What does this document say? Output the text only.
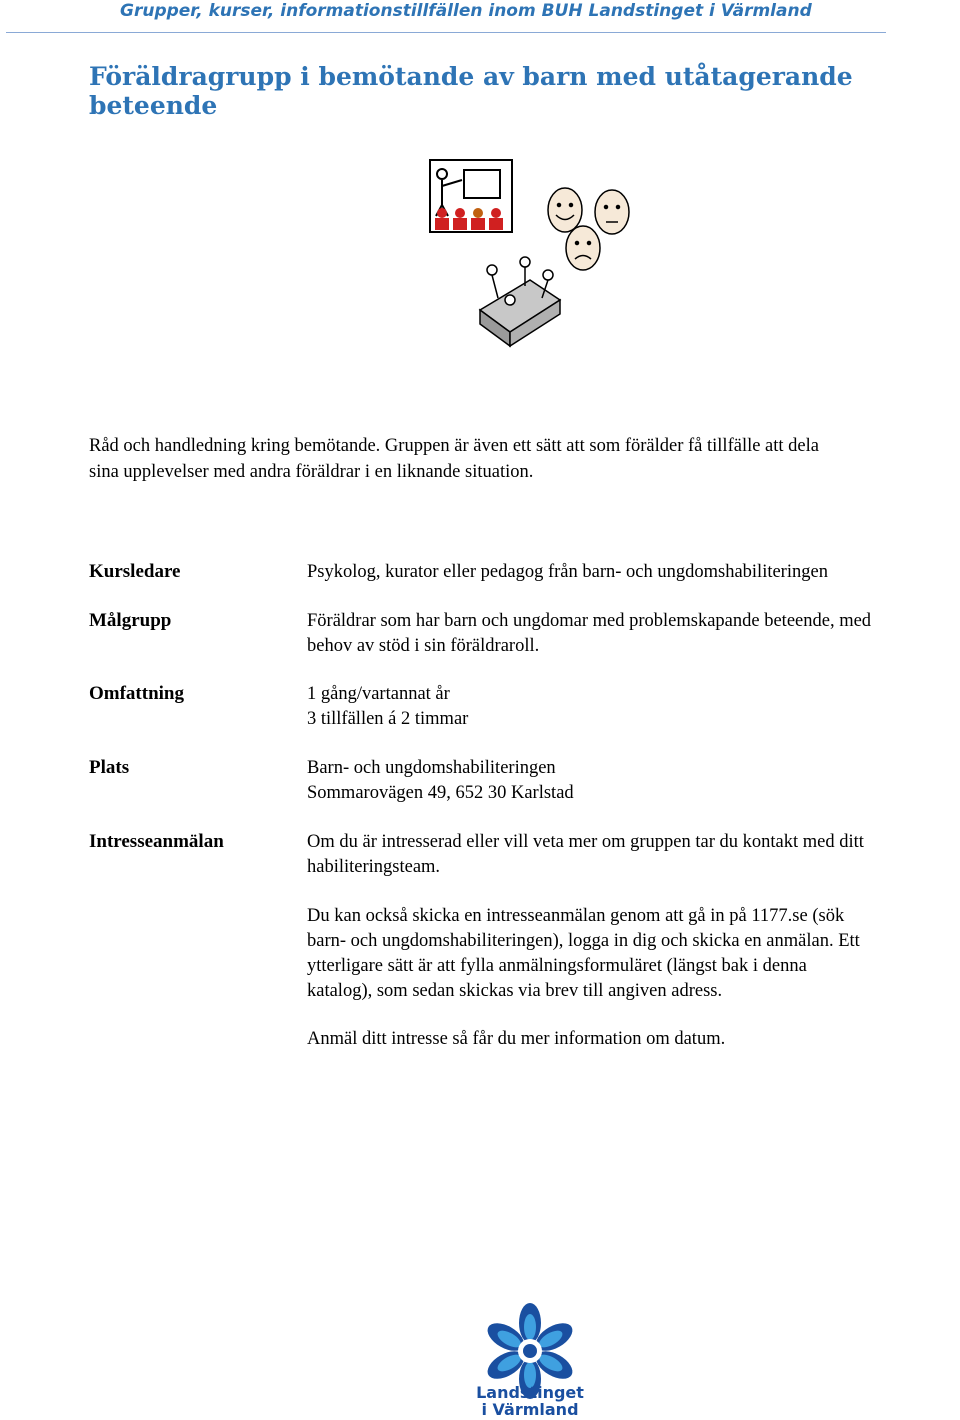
Grupper, kurser, informationstillfällen inom BUH Landstinget i Värmland
Föräldragrupp i bemötande av barn med utåtagerande beteende
Råd och handledning kring bemötande. Gruppen är även ett sätt att som förälder få tillfälle att dela
sina upplevelser med andra föräldrar i en liknande situation.
Kursledare	Psykolog, kurator eller pedagog från barn- och ungdomshabiliteringen
Målgrupp	Föräldrar som har barn och ungdomar med problemskapande beteende, med
behov av stöd i sin föräldraroll.
Omfattning	1 gång/vartannat år
3 tillfällen á 2 timmar
Plats	Barn- och ungdomshabiliteringen
Sommarovägen 49, 652 30 Karlstad
Intresseanmälan	Om du är intresserad eller vill veta mer om gruppen tar du kontakt med ditt
habiliteringsteam.
Du kan också skicka en intresseanmälan genom att gå in på 1177.se (sök
barn- och ungdomshabiliteringen), logga in dig och skicka en anmälan. Ett
ytterligare sätt är att fylla anmälningsformuläret (längst bak i denna
katalog), som sedan skickas via brev till angiven adress.
Anmäl ditt intresse så får du mer information om datum.
Landstinget
i Värmland
